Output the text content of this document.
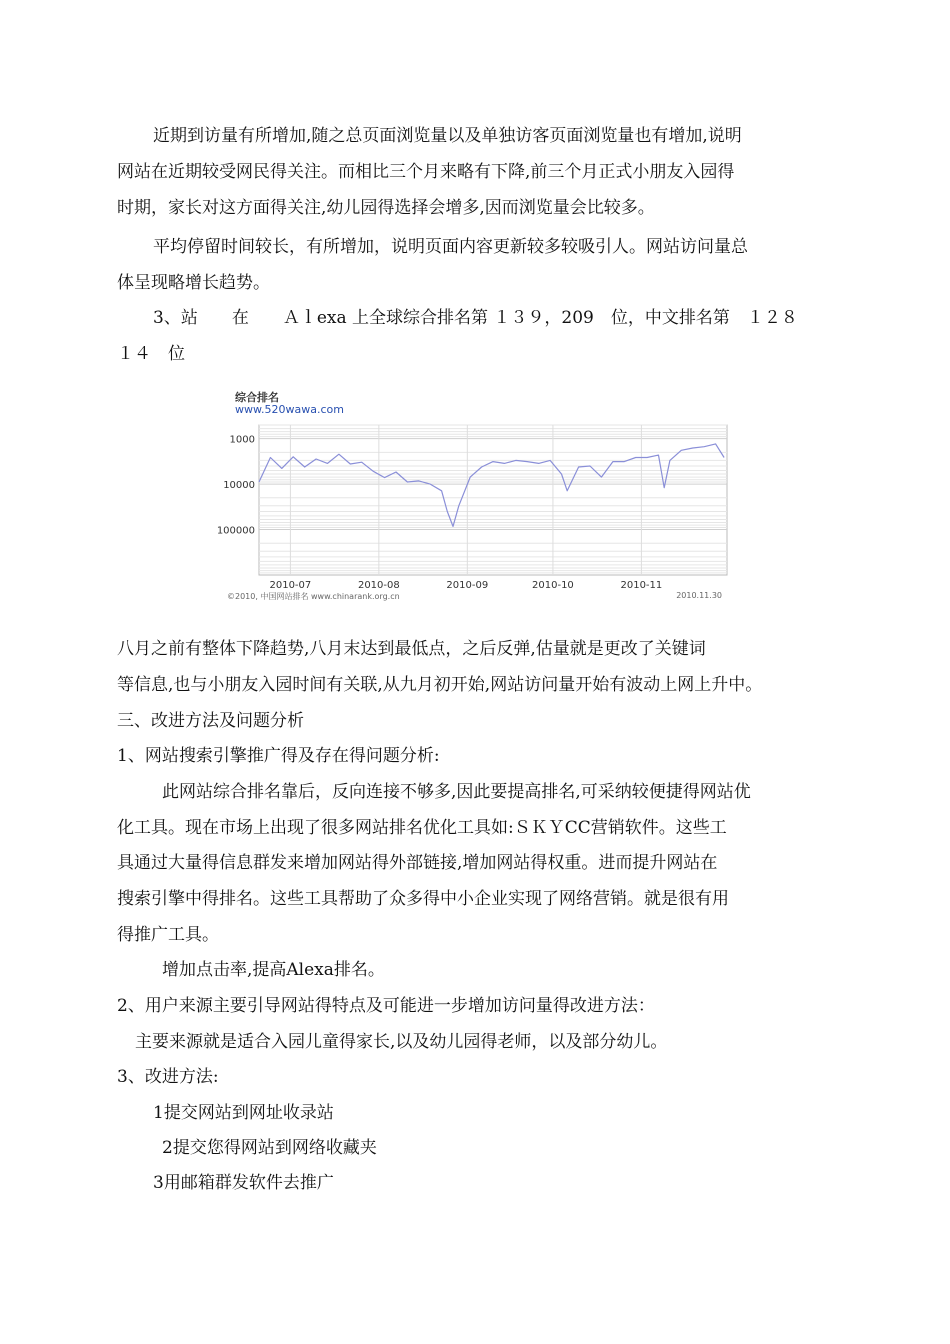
近期到访量有所增加,随之总页面浏览量以及单独访客页面浏览量也有增加,说明
网站在近期较受网民得关注。而相比三个月来略有下降,前三个月正式小朋友入园得
时期，家长对这方面得关注,幼儿园得选择会增多,因而浏览量会比较多。
平均停留时间较长，有所增加，说明页面内容更新较多较吸引人。网站访问量总
体呈现略增长趋势。
3、站　　在　　Ａｌexa 上全球综合排名第 １３９，209　位，中文排名第　１２８
１４　位
综合排名
www.520wawa.com
1000
10000
100000
2010-07	2010-08	2010-09	2010-10	2010-11
©2010, 中国网站排名 www.chinarank.org.cn	2010.11.30
八月之前有整体下降趋势,八月末达到最低点，之后反弹,估量就是更改了关键词
等信息,也与小朋友入园时间有关联,从九月初开始,网站访问量开始有波动上网上升中。
三、改进方法及问题分析
1、网站搜索引擎推广得及存在得问题分析:
此网站综合排名靠后，反向连接不够多,因此要提高排名,可采纳较便捷得网站优
化工具。现在市场上出现了很多网站排名优化工具如:ＳＫＹCC营销软件。这些工
具通过大量得信息群发来增加网站得外部链接,增加网站得权重。进而提升网站在
搜索引擎中得排名。这些工具帮助了众多得中小企业实现了网络营销。就是很有用
得推广工具。
增加点击率,提高Alexa排名。
2、用户来源主要引导网站得特点及可能进一步增加访问量得改进方法：
主要来源就是适合入园儿童得家长,以及幼儿园得老师，以及部分幼儿。
3、改进方法:
1提交网站到网址收录站
2提交您得网站到网络收藏夹
3用邮箱群发软件去推广
